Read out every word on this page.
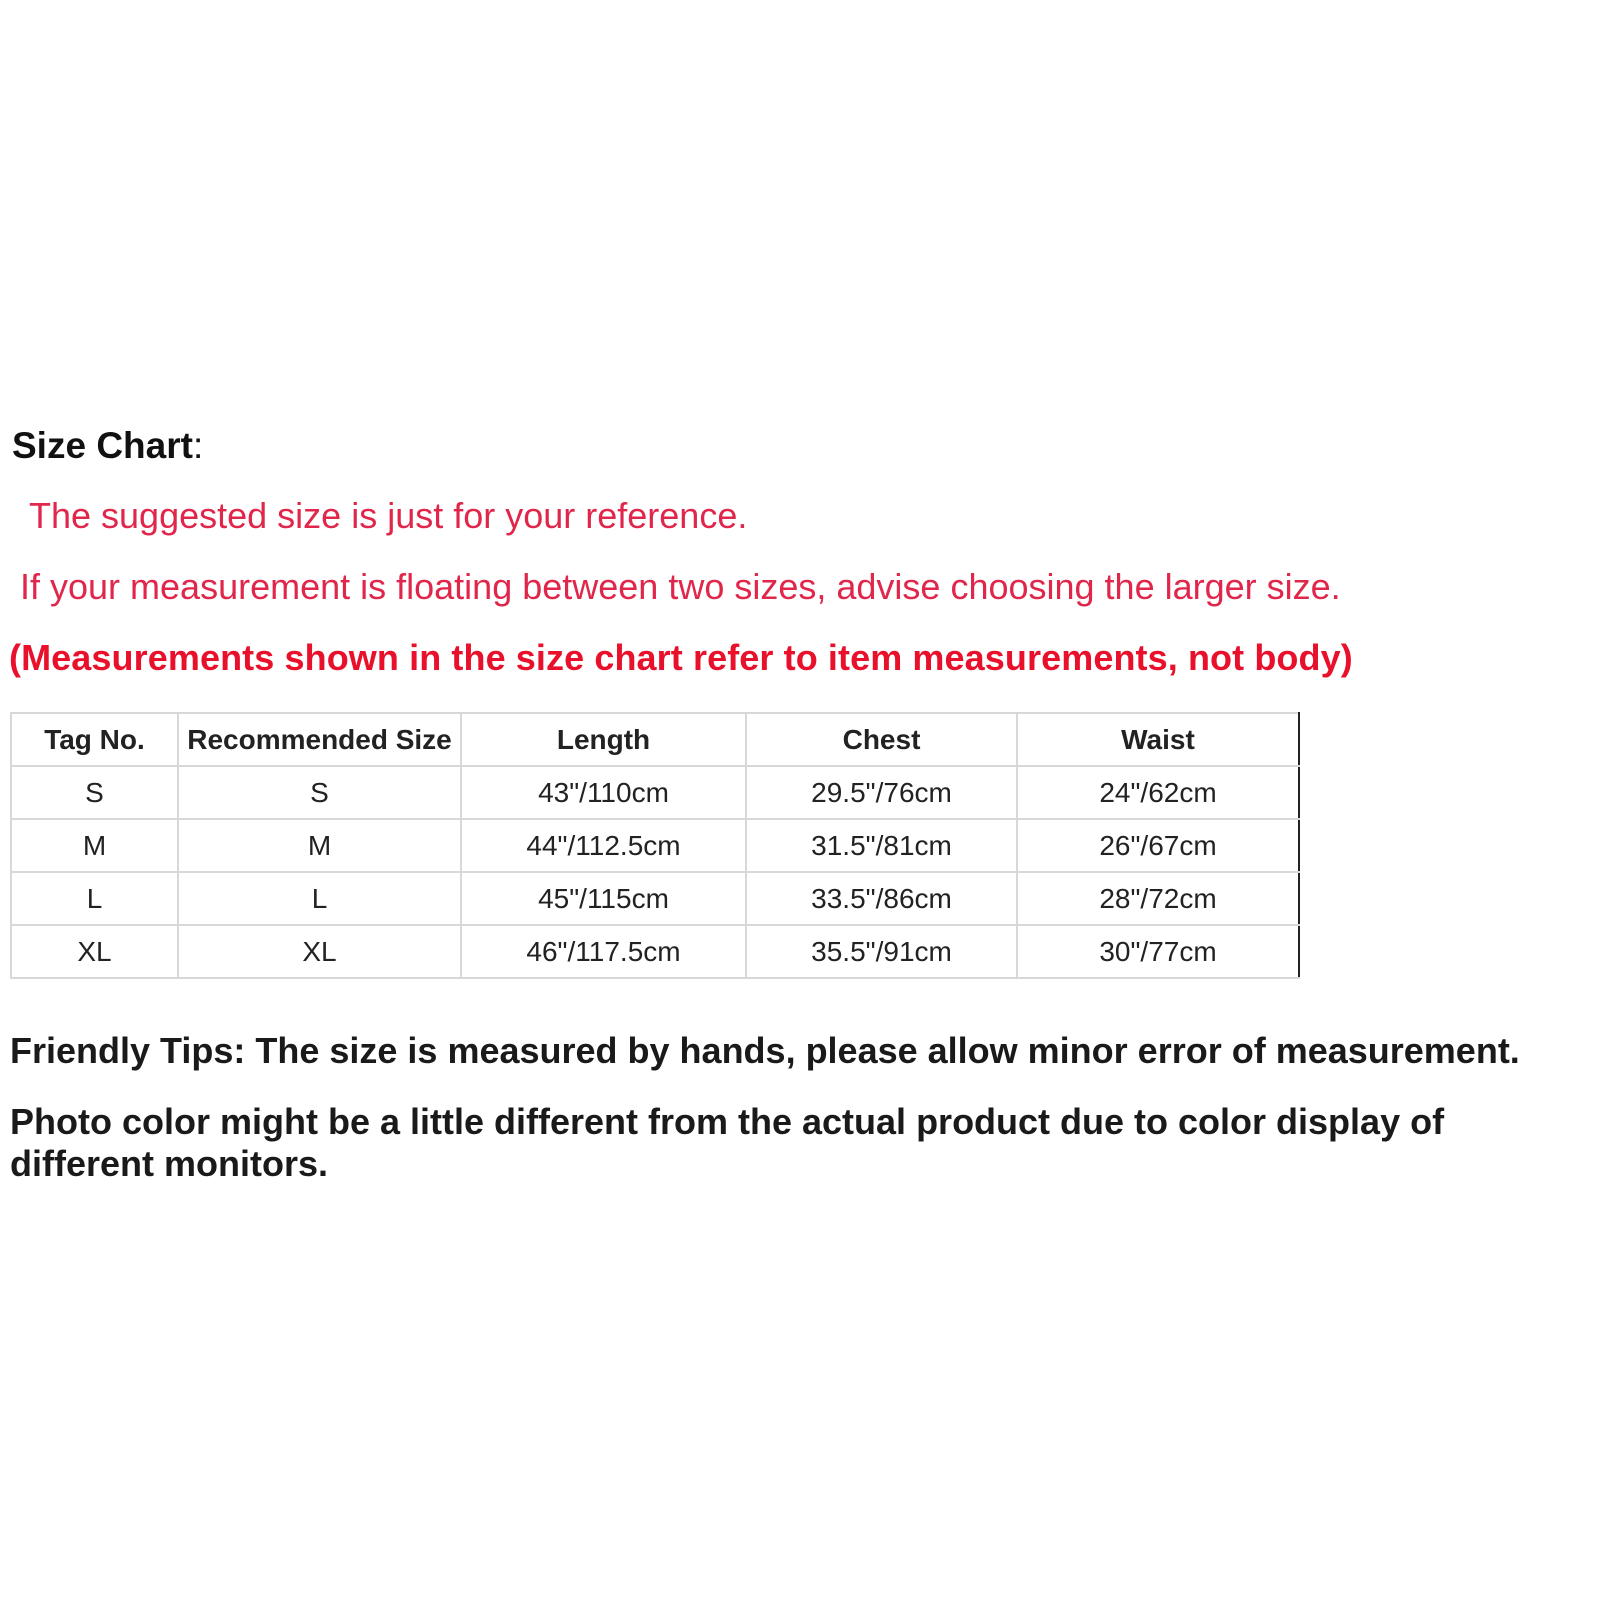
Size Chart:
The suggested size is just for your reference.
If your measurement is floating between two sizes, advise choosing the larger size.
(Measurements shown in the size chart refer to item measurements, not body)
Tag No.	Recommended Size	Length	Chest	Waist
S	S	43"/110cm	29.5"/76cm	24"/62cm
M	M	44"/112.5cm	31.5"/81cm	26"/67cm
L	L	45"/115cm	33.5"/86cm	28"/72cm
XL	XL	46"/117.5cm	35.5"/91cm	30"/77cm
Friendly Tips: The size is measured by hands, please allow minor error of measurement.
Photo color might be a little different from the actual product due to color display of different monitors.
